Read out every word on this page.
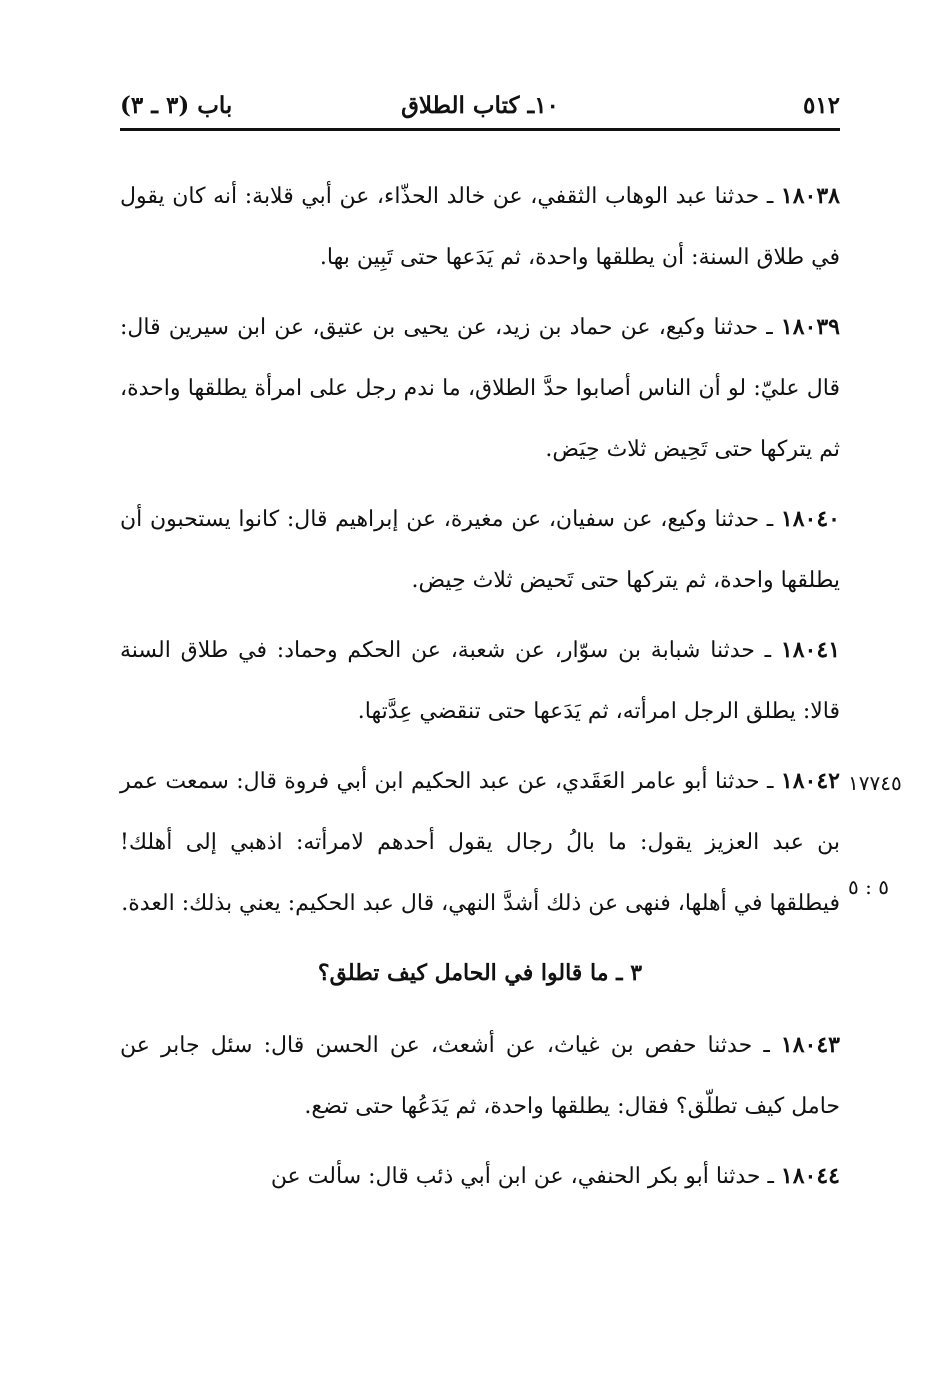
٥١٢
١٠ـ كتاب الطلاق
باب (٣ ـ ٣)

١٨٠٣٨ ـ حدثنا عبد الوهاب الثقفي، عن خالد الحذّاء، عن أبي قلابة: أنه كان يقول في طلاق السنة: أن يطلقها واحدة، ثم يَدَعها حتى تَبِين بها.

١٨٠٣٩ ـ حدثنا وكيع، عن حماد بن زيد، عن يحيى بن عتيق، عن ابن سيرين قال: قال عليّ: لو أن الناس أصابوا حدَّ الطلاق، ما ندم رجل على امرأة يطلقها واحدة، ثم يتركها حتى تَحِيض ثلاث حِيَض.

١٨٠٤٠ ـ حدثنا وكيع، عن سفيان، عن مغيرة، عن إبراهيم قال: كانوا يستحبون أن يطلقها واحدة، ثم يتركها حتى تَحيض ثلاث حِيض.

١٨٠٤١ ـ حدثنا شبابة بن سوّار، عن شعبة، عن الحكم وحماد: في طلاق السنة قالا: يطلق الرجل امرأته، ثم يَدَعها حتى تنقضي عِدَّتها.

١٨٠٤٢ ـ حدثنا أبو عامر العَقَدي، عن عبد الحكيم ابن أبي فروة قال: سمعت عمر بن عبد العزيز يقول: ما بالُ رجال يقول أحدهم لامرأته: اذهبي إلى أهلك! فيطلقها في أهلها، فنهى عن ذلك أشدَّ النهي، قال عبد الحكيم: يعني بذلك: العدة.

٣ ـ ما قالوا في الحامل كيف تطلق؟

١٨٠٤٣ ـ حدثنا حفص بن غياث، عن أشعث، عن الحسن قال: سئل جابر عن حامل كيف تطلّق؟ فقال: يطلقها واحدة، ثم يَدَعُها حتى تضع.

١٨٠٤٤ ـ حدثنا أبو بكر الحنفي، عن ابن أبي ذئب قال: سألت عن

١٧٧٤٥
٥ : ٥
